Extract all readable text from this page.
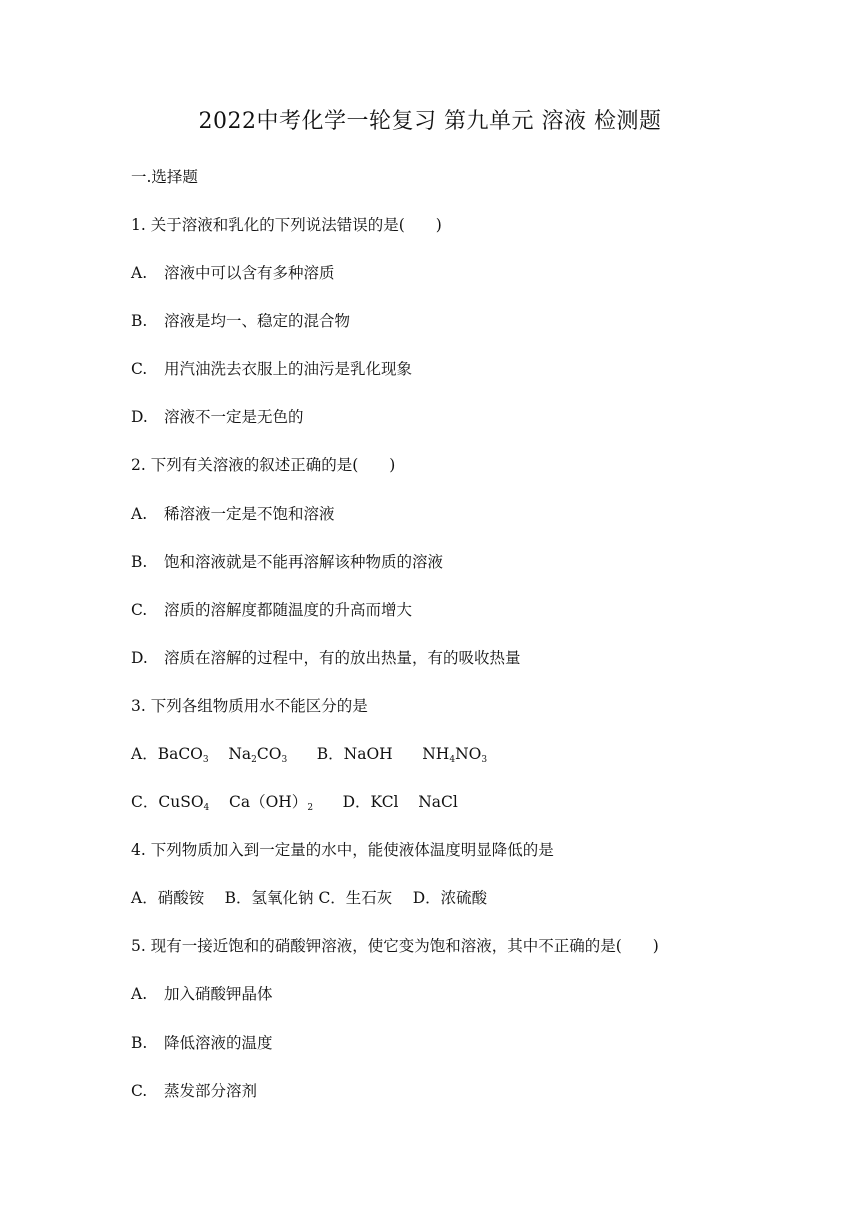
2022中考化学一轮复习 第九单元 溶液 检测题
一.选择题
1. 关于溶液和乳化的下列说法错误的是(　　)
A. 溶液中可以含有多种溶质
B. 溶液是均一、稳定的混合物
C. 用汽油洗去衣服上的油污是乳化现象
D. 溶液不一定是无色的
2. 下列有关溶液的叙述正确的是(　　)
A. 稀溶液一定是不饱和溶液
B. 饱和溶液就是不能再溶解该种物质的溶液
C. 溶质的溶解度都随温度的升高而增大
D. 溶质在溶解的过程中，有的放出热量，有的吸收热量
3. 下列各组物质用水不能区分的是
A．BaCO$_3$    $Na_2CO_3$      B．NaOH      $NH_4NO_3$
C．CuSO$_4$    $Ca(OH)_2$      D．KCl    NaCl
4. 下列物质加入到一定量的水中，能使液体温度明显降低的是
A．硝酸铵　 B．氢氧化钠 C．生石灰　 D．浓硫酸
5. 现有一接近饱和的硝酸钾溶液，使它变为饱和溶液，其中不正确的是(　　)
A. 加入硝酸钾晶体
B. 降低溶液的温度
C. 蒸发部分溶剂
